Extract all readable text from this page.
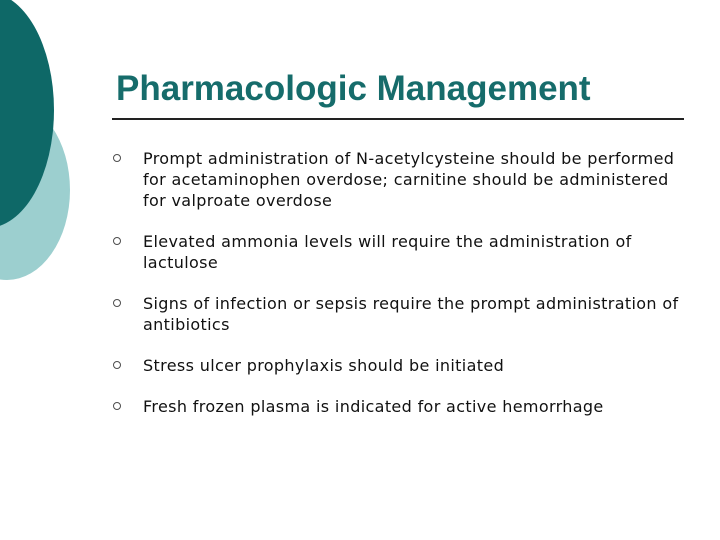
Pharmacologic Management
Prompt administration of N-acetylcysteine should be performed for acetaminophen overdose; carnitine should be administered for valproate overdose
Elevated ammonia levels will require the administration of lactulose
Signs of infection or sepsis require the prompt administration of antibiotics
Stress ulcer prophylaxis should be initiated
Fresh frozen plasma is indicated for active hemorrhage
